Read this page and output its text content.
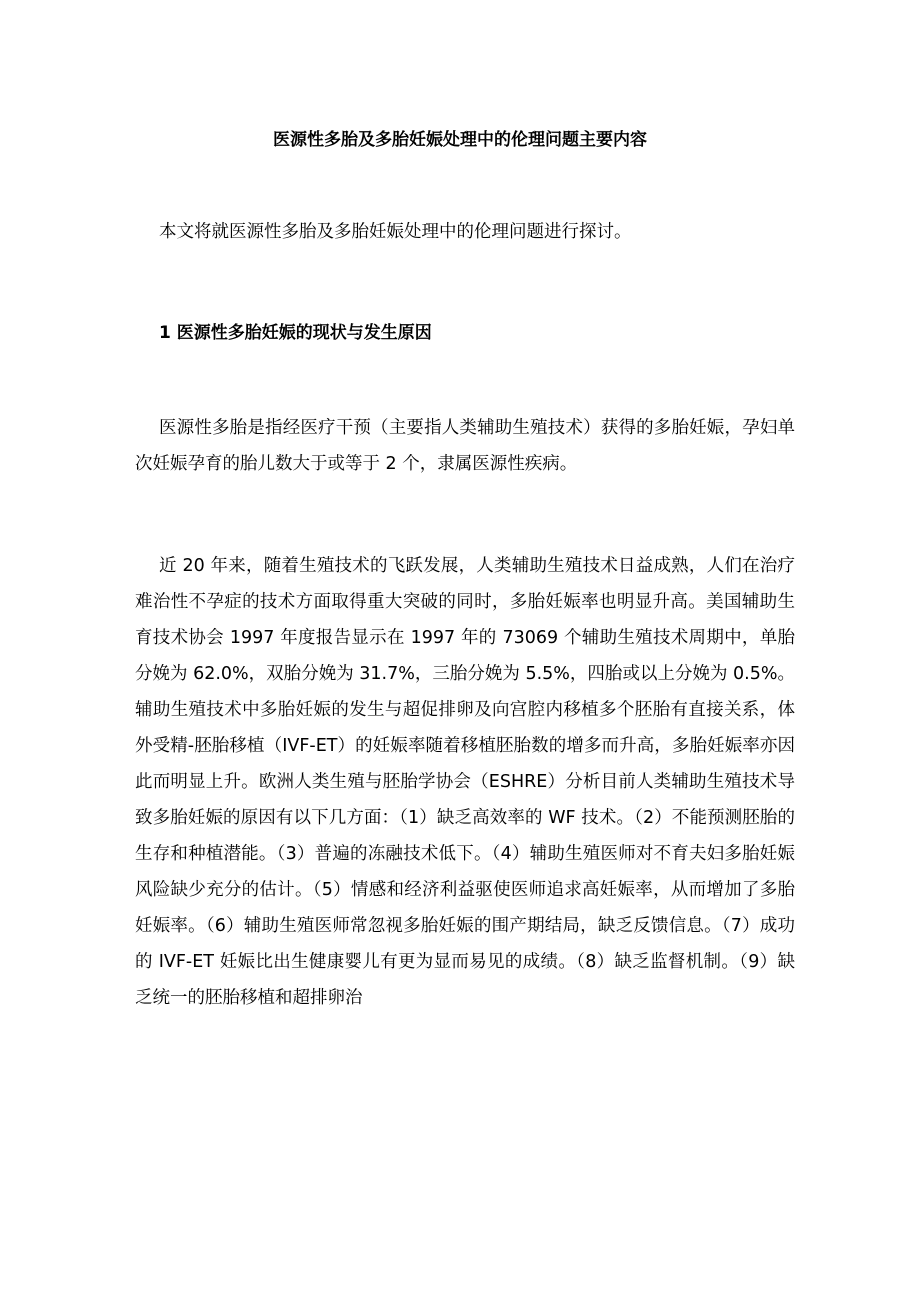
医源性多胎及多胎妊娠处理中的伦理问题主要内容

本文将就医源性多胎及多胎妊娠处理中的伦理问题进行探讨。

1 医源性多胎妊娠的现状与发生原因

医源性多胎是指经医疗干预（主要指人类辅助生殖技术）获得的多胎妊娠，孕妇单次妊娠孕育的胎儿数大于或等于 2 个，隶属医源性疾病。

近 20 年来，随着生殖技术的飞跃发展，人类辅助生殖技术日益成熟，人们在治疗难治性不孕症的技术方面取得重大突破的同时，多胎妊娠率也明显升高。美国辅助生育技术协会 1997 年度报告显示在 1997 年的 73069 个辅助生殖技术周期中，单胎分娩为 62.0%，双胎分娩为 31.7%，三胎分娩为 5.5%，四胎或以上分娩为 0.5%。辅助生殖技术中多胎妊娠的发生与超促排卵及向宫腔内移植多个胚胎有直接关系，体外受精-胚胎移植（IVF-ET）的妊娠率随着移植胚胎数的增多而升高，多胎妊娠率亦因此而明显上升。欧洲人类生殖与胚胎学协会（ESHRE）分析目前人类辅助生殖技术导致多胎妊娠的原因有以下几方面：（1）缺乏高效率的 WF 技术。（2）不能预测胚胎的生存和种植潜能。（3）普遍的冻融技术低下。（4）辅助生殖医师对不育夫妇多胎妊娠风险缺少充分的估计。（5）情感和经济利益驱使医师追求高妊娠率，从而增加了多胎妊娠率。（6）辅助生殖医师常忽视多胎妊娠的围产期结局，缺乏反馈信息。（7）成功的 IVF-ET 妊娠比出生健康婴儿有更为显而易见的成绩。（8）缺乏监督机制。（9）缺乏统一的胚胎移植和超排卵治
